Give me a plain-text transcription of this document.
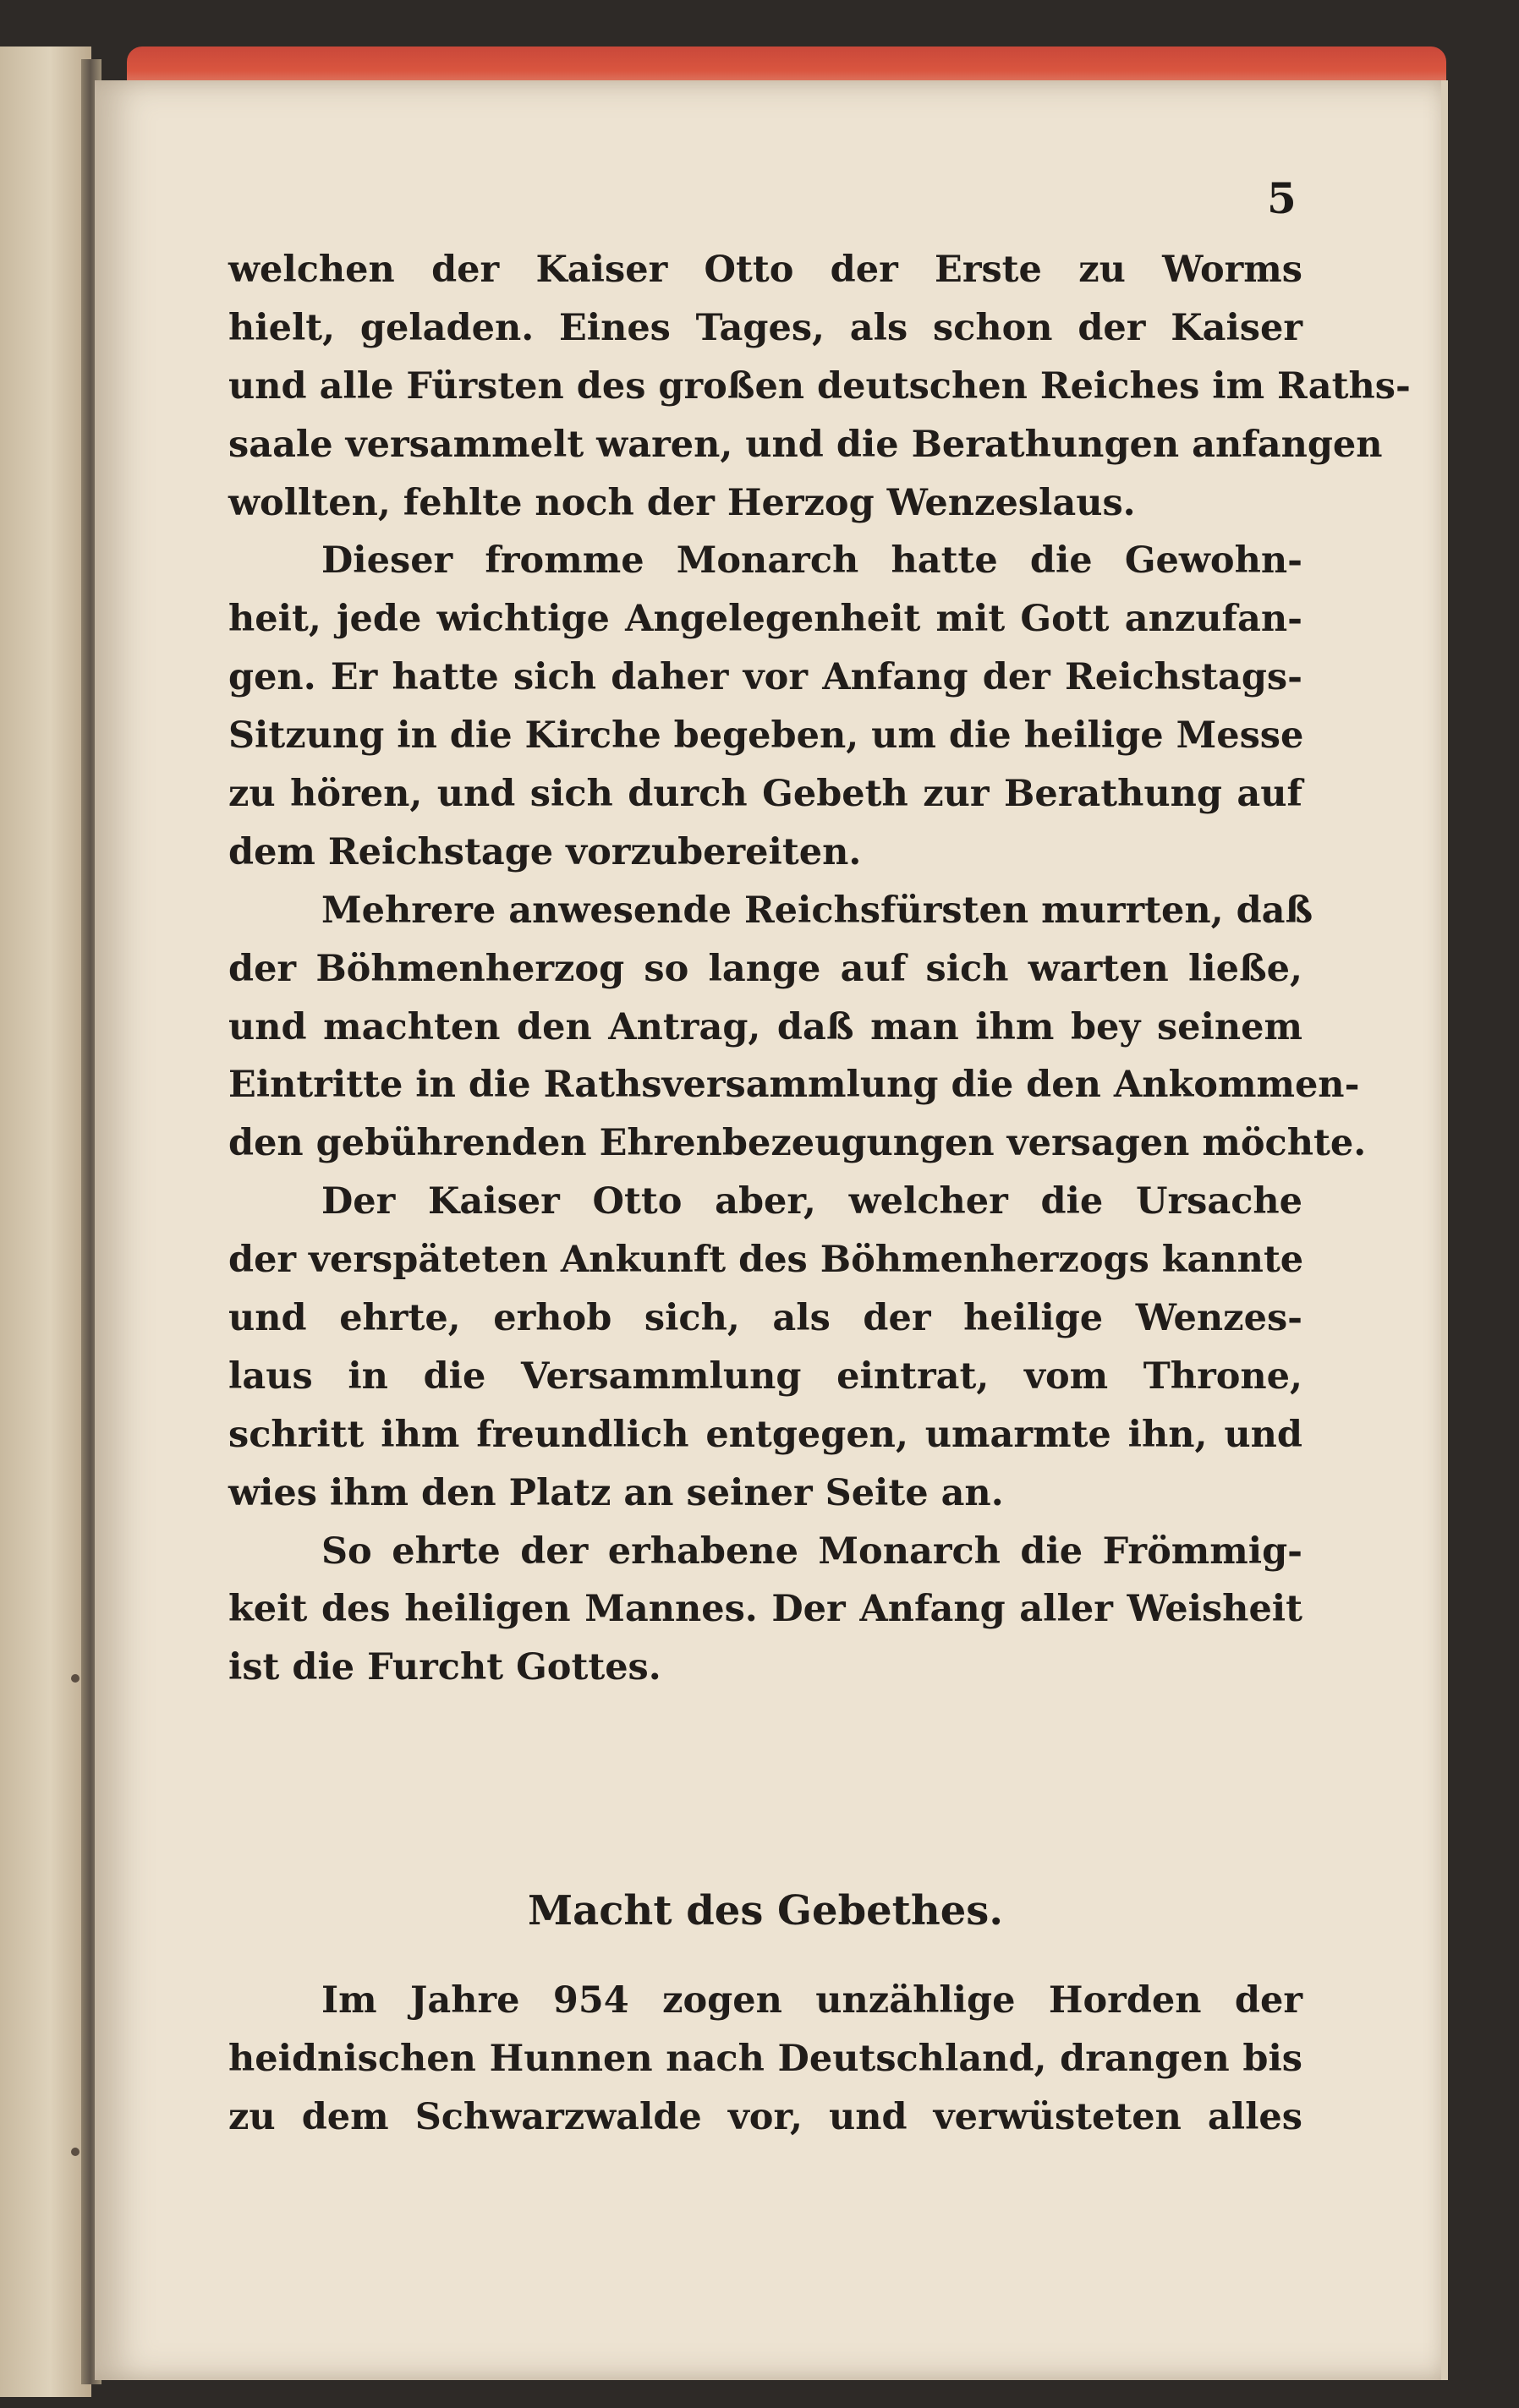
5

welchen der Kaiser Otto der Erste zu Worms

hielt, geladen. Eines Tages, als schon der Kaiser

und alle Fürsten des großen deutschen Reiches im Raths-

saale versammelt waren, und die Berathungen anfangen

wollten, fehlte noch der Herzog Wenzeslaus.

Dieser fromme Monarch hatte die Gewohn-

heit, jede wichtige Angelegenheit mit Gott anzufan-

gen. Er hatte sich daher vor Anfang der Reichstags-

Sitzung in die Kirche begeben, um die heilige Messe

zu hören, und sich durch Gebeth zur Berathung auf

dem Reichstage vorzubereiten.

Mehrere anwesende Reichsfürsten murrten, daß

der Böhmenherzog so lange auf sich warten ließe,

und machten den Antrag, daß man ihm bey seinem

Eintritte in die Rathsversammlung die den Ankommen-

den gebührenden Ehrenbezeugungen versagen möchte.

Der Kaiser Otto aber, welcher die Ursache

der verspäteten Ankunft des Böhmenherzogs kannte

und ehrte, erhob sich, als der heilige Wenzes-

laus in die Versammlung eintrat, vom Throne,

schritt ihm freundlich entgegen, umarmte ihn, und

wies ihm den Platz an seiner Seite an.

So ehrte der erhabene Monarch die Frömmig-

keit des heiligen Mannes. Der Anfang aller Weisheit

ist die Furcht Gottes.

Macht des Gebethes.

Im Jahre 954 zogen unzählige Horden der

heidnischen Hunnen nach Deutschland, drangen bis

zu dem Schwarzwalde vor, und verwüsteten alles
